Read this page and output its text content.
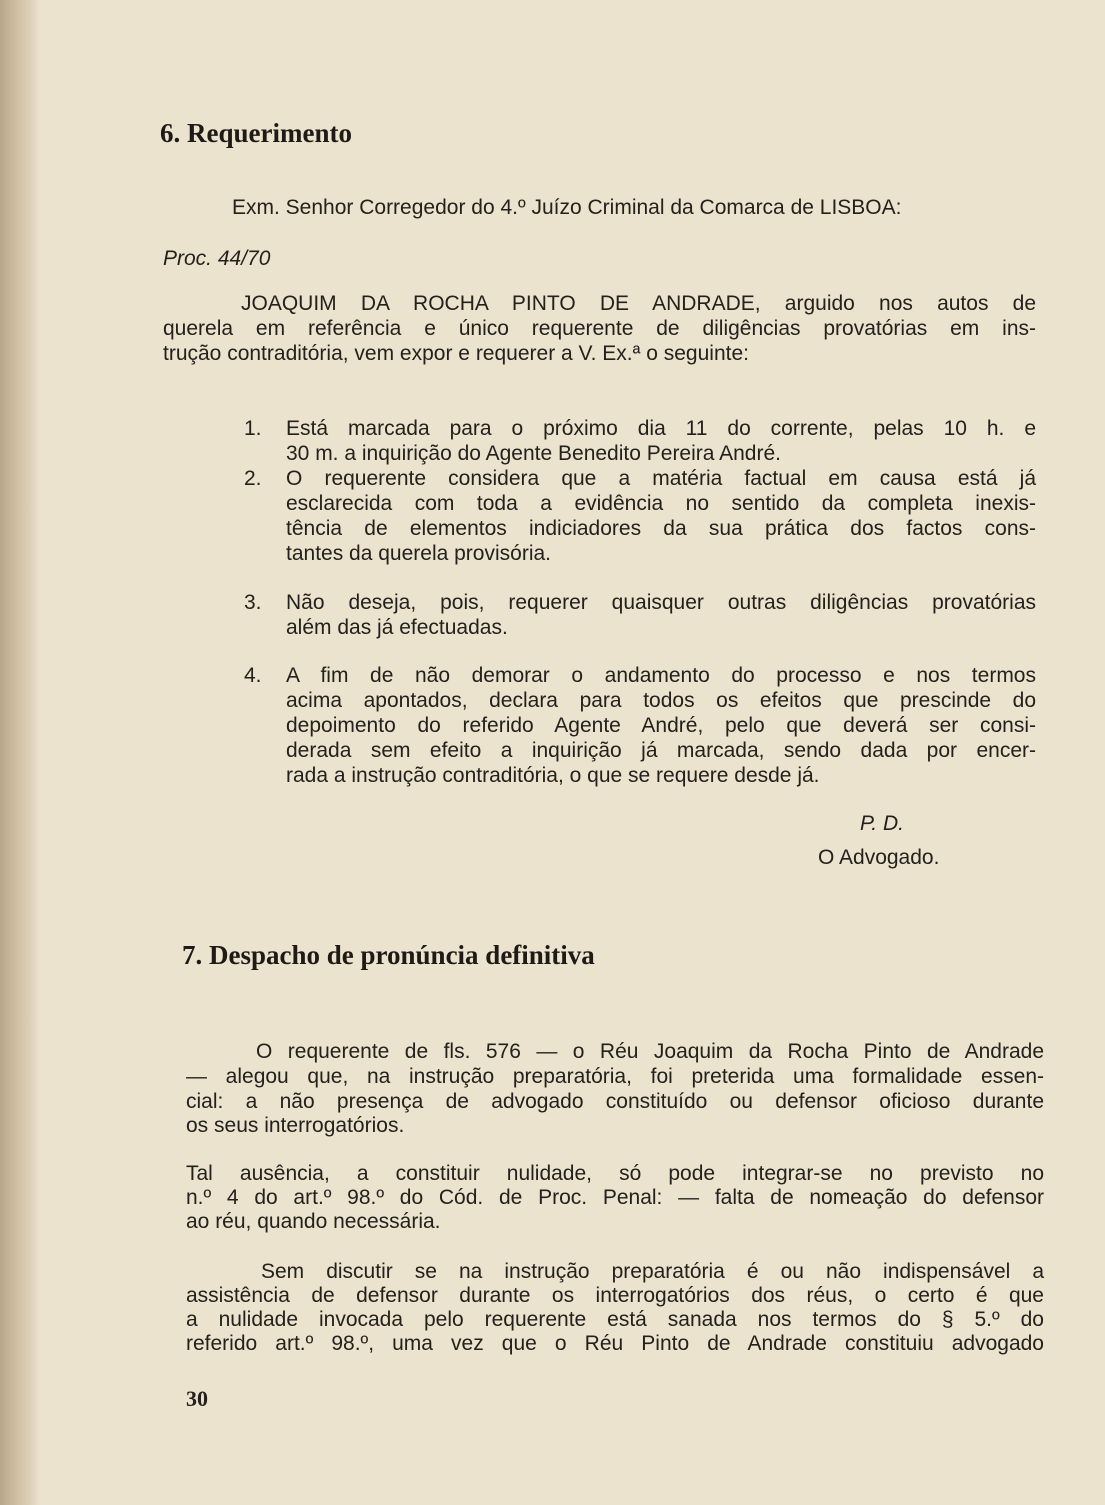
6. Requerimento

Exm. Senhor Corregedor do 4.º Juízo Criminal da Comarca de LISBOA:

Proc. 44/70

JOAQUIM DA ROCHA PINTO DE ANDRADE, arguido nos autos de

querela em referência e único requerente de diligências provatórias em ins-

trução contraditória, vem expor e requerer a V. Ex.ª o seguinte:

1. Está marcada para o próximo dia 11 do corrente, pelas 10 h. e

30 m. a inquirição do Agente Benedito Pereira André.

2. O requerente considera que a matéria factual em causa está já

esclarecida com toda a evidência no sentido da completa inexis-

tência de elementos indiciadores da sua prática dos factos cons-

tantes da querela provisória.

3. Não deseja, pois, requerer quaisquer outras diligências provatórias

além das já efectuadas.

4. A fim de não demorar o andamento do processo e nos termos

acima apontados, declara para todos os efeitos que prescinde do

depoimento do referido Agente André, pelo que deverá ser consi-

derada sem efeito a inquirição já marcada, sendo dada por encer-

rada a instrução contraditória, o que se requere desde já.

P. D.

O Advogado.

7. Despacho de pronúncia definitiva

O requerente de fls. 576 — o Réu Joaquim da Rocha Pinto de Andrade

— alegou que, na instrução preparatória, foi preterida uma formalidade essen-

cial: a não presença de advogado constituído ou defensor oficioso durante

os seus interrogatórios.

Tal ausência, a constituir nulidade, só pode integrar-se no previsto no

n.º 4 do art.º 98.º do Cód. de Proc. Penal: — falta de nomeação do defensor

ao réu, quando necessária.

Sem discutir se na instrução preparatória é ou não indispensável a

assistência de defensor durante os interrogatórios dos réus, o certo é que

a nulidade invocada pelo requerente está sanada nos termos do § 5.º do

referido art.º 98.º, uma vez que o Réu Pinto de Andrade constituiu advogado

30
